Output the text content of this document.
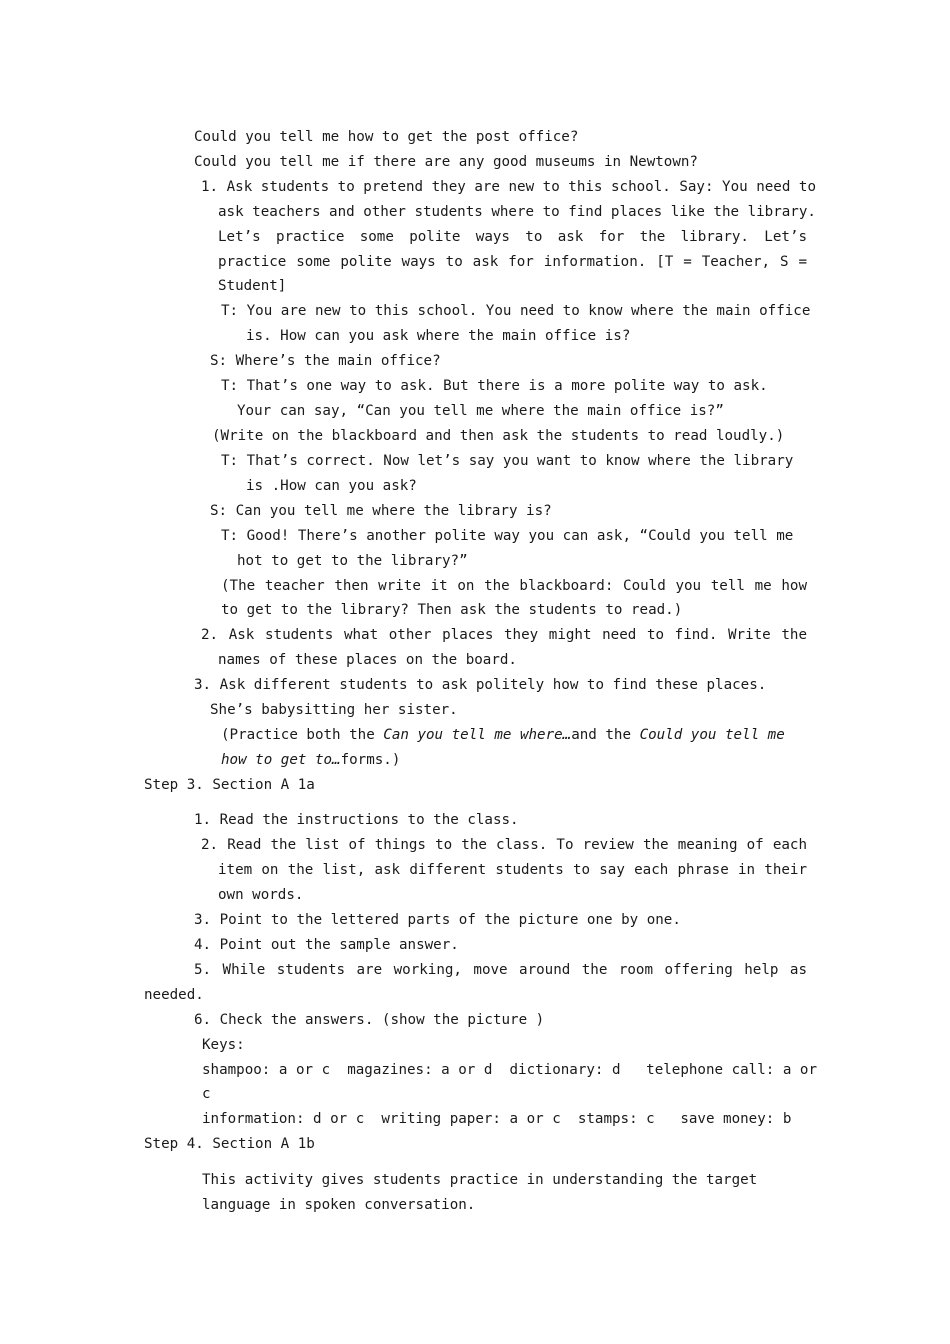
Could you tell me how to get the post office?
Could you tell me if there are any good museums in Newtown?
1. Ask students to pretend they are new to this school. Say: You need to
ask teachers and other students where to find places like the library.
Let’s practice some polite ways to ask for the library. Let’s
practice some polite ways to ask for information. [T = Teacher, S =
Student]
T: You are new to this school. You need to know where the main office
is. How can you ask where the main office is?
S: Where’s the main office?
T: That’s one way to ask. But there is a more polite way to ask.
Your can say, “Can you tell me where the main office is?”
(Write on the blackboard and then ask the students to read loudly.)
T: That’s correct. Now let’s say you want to know where the library
is .How can you ask?
S: Can you tell me where the library is?
T: Good! There’s another polite way you can ask, “Could you tell me
hot to get to the library?”
(The teacher then write it on the blackboard: Could you tell me how
to get to the library? Then ask the students to read.)
2. Ask students what other places they might need to find. Write the
names of these places on the board.
3. Ask different students to ask politely how to find these places.
She’s babysitting her sister.
(Practice both the Can you tell me where…and the Could you tell me
how to get to…forms.)
Step 3. Section A 1a
1. Read the instructions to the class.
2. Read the list of things to the class. To review the meaning of each
item on the list, ask different students to say each phrase in their
own words.
3. Point to the lettered parts of the picture one by one.
4. Point out the sample answer.
5. While students are working, move around the room offering help as
needed.
6. Check the answers. (show the picture )
Keys:
shampoo: a or c  magazines: a or d  dictionary: d   telephone call: a or
c
information: d or c  writing paper: a or c  stamps: c   save money: b
Step 4. Section A 1b
This activity gives students practice in understanding the target
language in spoken conversation.
